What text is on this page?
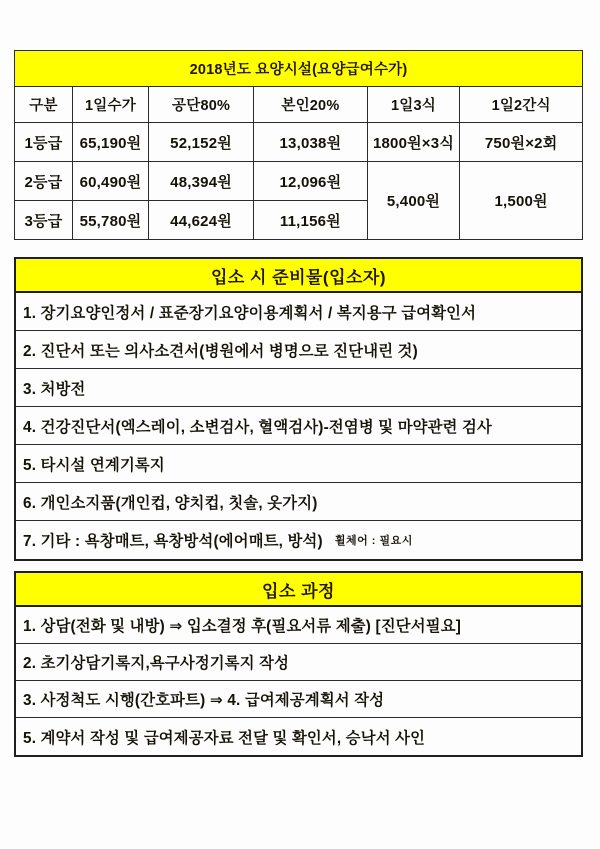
2018년도 요양시설(요양급여수가)					
구분	1일수가	공단80%	본인20%	1일3식	1일2간식
1등급	65,190원	52,152원	13,038원	1800원×3식	750원×2회
2등급	60,490원	48,394원	12,096원	5,400원	1,500원
3등급	55,780원	44,624원	11,156원		
입소 시 준비물(입소자)
1. 장기요양인정서 / 표준장기요양이용계획서 / 복지용구 급여확인서
2. 진단서 또는 의사소견서(병원에서 병명으로 진단내린 것)
3. 처방전
4. 건강진단서(엑스레이, 소변검사, 혈액검사)-전염병 및 마약관련 검사
5. 타시설 연계기록지
6. 개인소지품(개인컵, 양치컵, 칫솔, 옷가지)
7. 기타 : 욕창매트, 욕창방석(에어매트, 방석) 휠체어 : 필요시
입소 과정
1. 상담(전화 및 내방) ⇒ 입소결정 후(필요서류 제출) [진단서필요]
2. 초기상담기록지,욕구사정기록지 작성
3. 사정척도 시행(간호파트) ⇒ 4. 급여제공계획서 작성
5. 계약서 작성 및 급여제공자료 전달 및 확인서, 승낙서 사인
